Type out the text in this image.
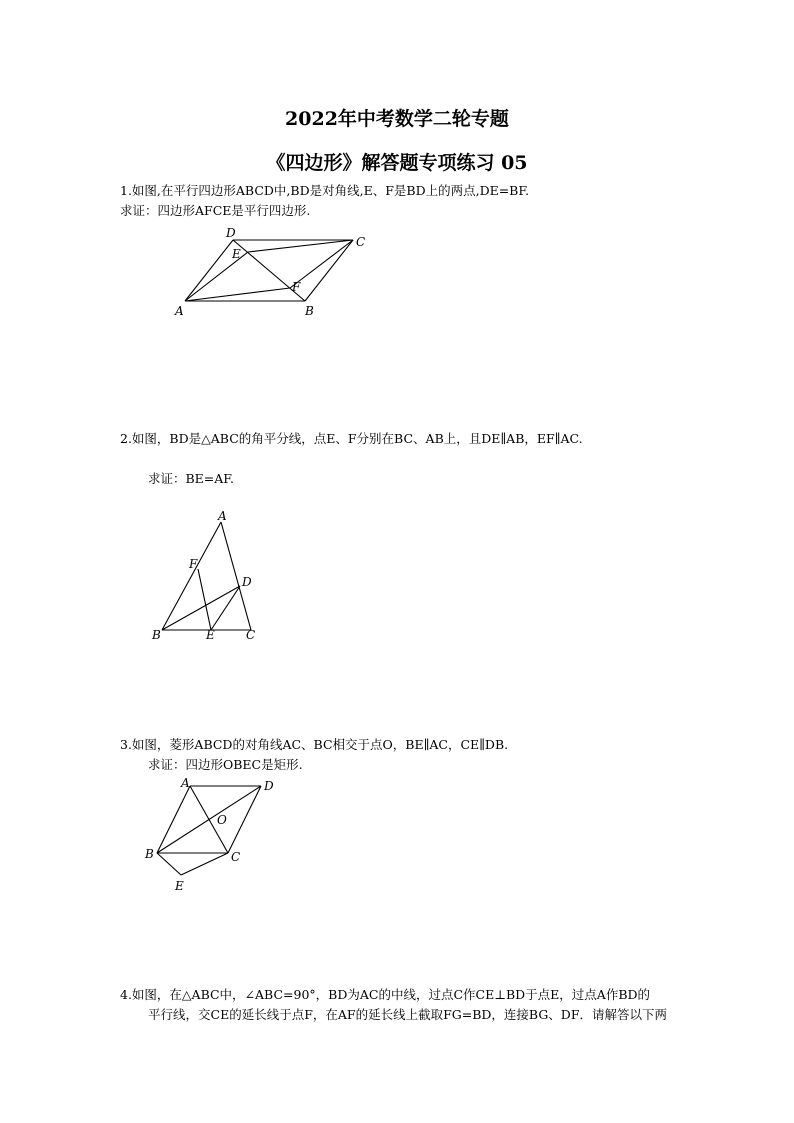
2022年中考数学二轮专题
《四边形》解答题专项练习 05
1.如图,在平行四边形ABCD中,BD是对角线,E、F是BD上的两点,DE=BF.
求证：四边形AFCE是平行四边形.
A	B
C
D
E
F
2.如图，BD是△ABC的角平分线，点E、F分别在BC、AB上，且DE∥AB，EF∥AC.
求证：BE=AF.
A
B	C
D
E
F
3.如图，菱形ABCD的对角线AC、BC相交于点O，BE∥AC，CE∥DB.
求证：四边形OBEC是矩形.
A
B	C
D
E
O
4.如图，在△ABC中，∠ABC=90°，BD为AC的中线，过点C作CE⊥BD于点E，过点A作BD的
平行线，交CE的延长线于点F，在AF的延长线上截取FG=BD，连接BG、DF．请解答以下两
